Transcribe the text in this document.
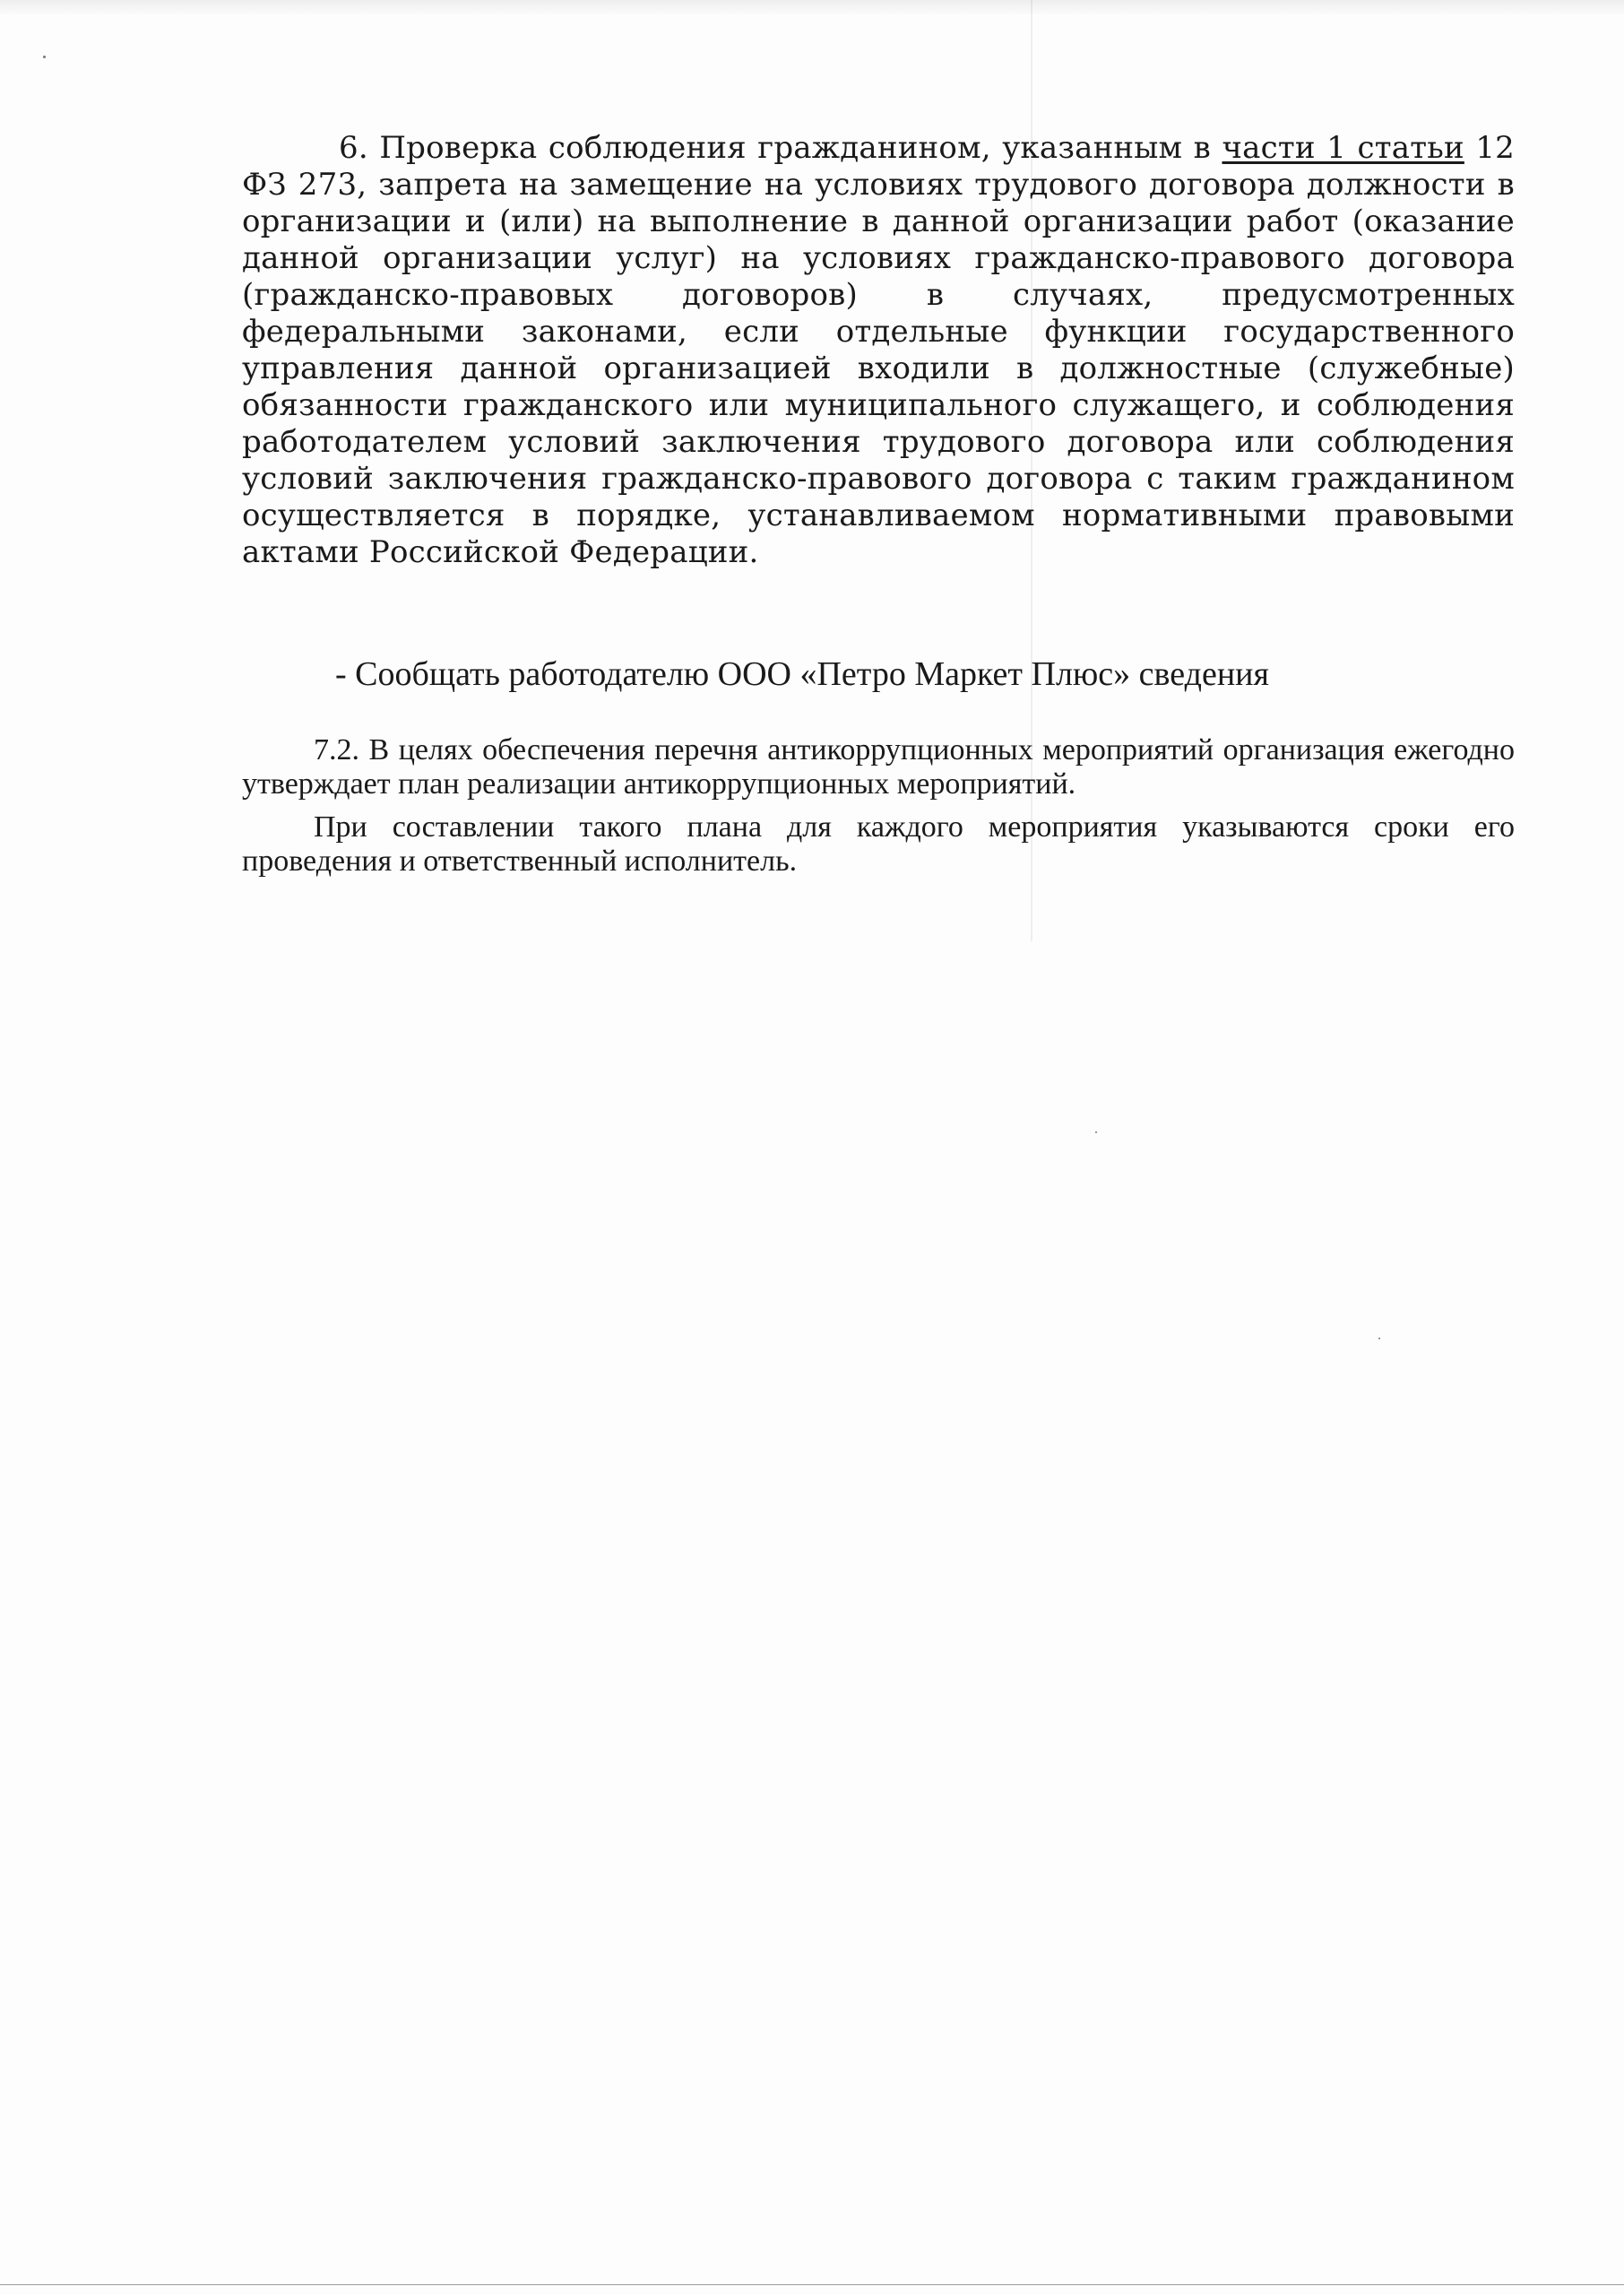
6. Проверка соблюдения гражданином, указанным в части 1 статьи 12 ФЗ 273, запрета на замещение на условиях трудового договора должности в организации и (или) на выполнение в данной организации работ (оказание данной организации услуг) на условиях гражданско-правового договора (гражданско-правовых договоров) в случаях, предусмотренных федеральными законами, если отдельные функции государственного управления данной организацией входили в должностные (служебные) обязанности гражданского или муниципального служащего, и соблюдения работодателем условий заключения трудового договора или соблюдения условий заключения гражданско-правового договора с таким гражданином осуществляется в порядке, устанавливаемом нормативными правовыми актами Российской Федерации.
- Сообщать работодателю ООО «Петро Маркет Плюс» сведения
7.2. В целях обеспечения перечня антикоррупционных мероприятий организация ежегодно утверждает план реализации антикоррупционных мероприятий.
При составлении такого плана для каждого мероприятия указываются сроки его проведения и ответственный исполнитель.
